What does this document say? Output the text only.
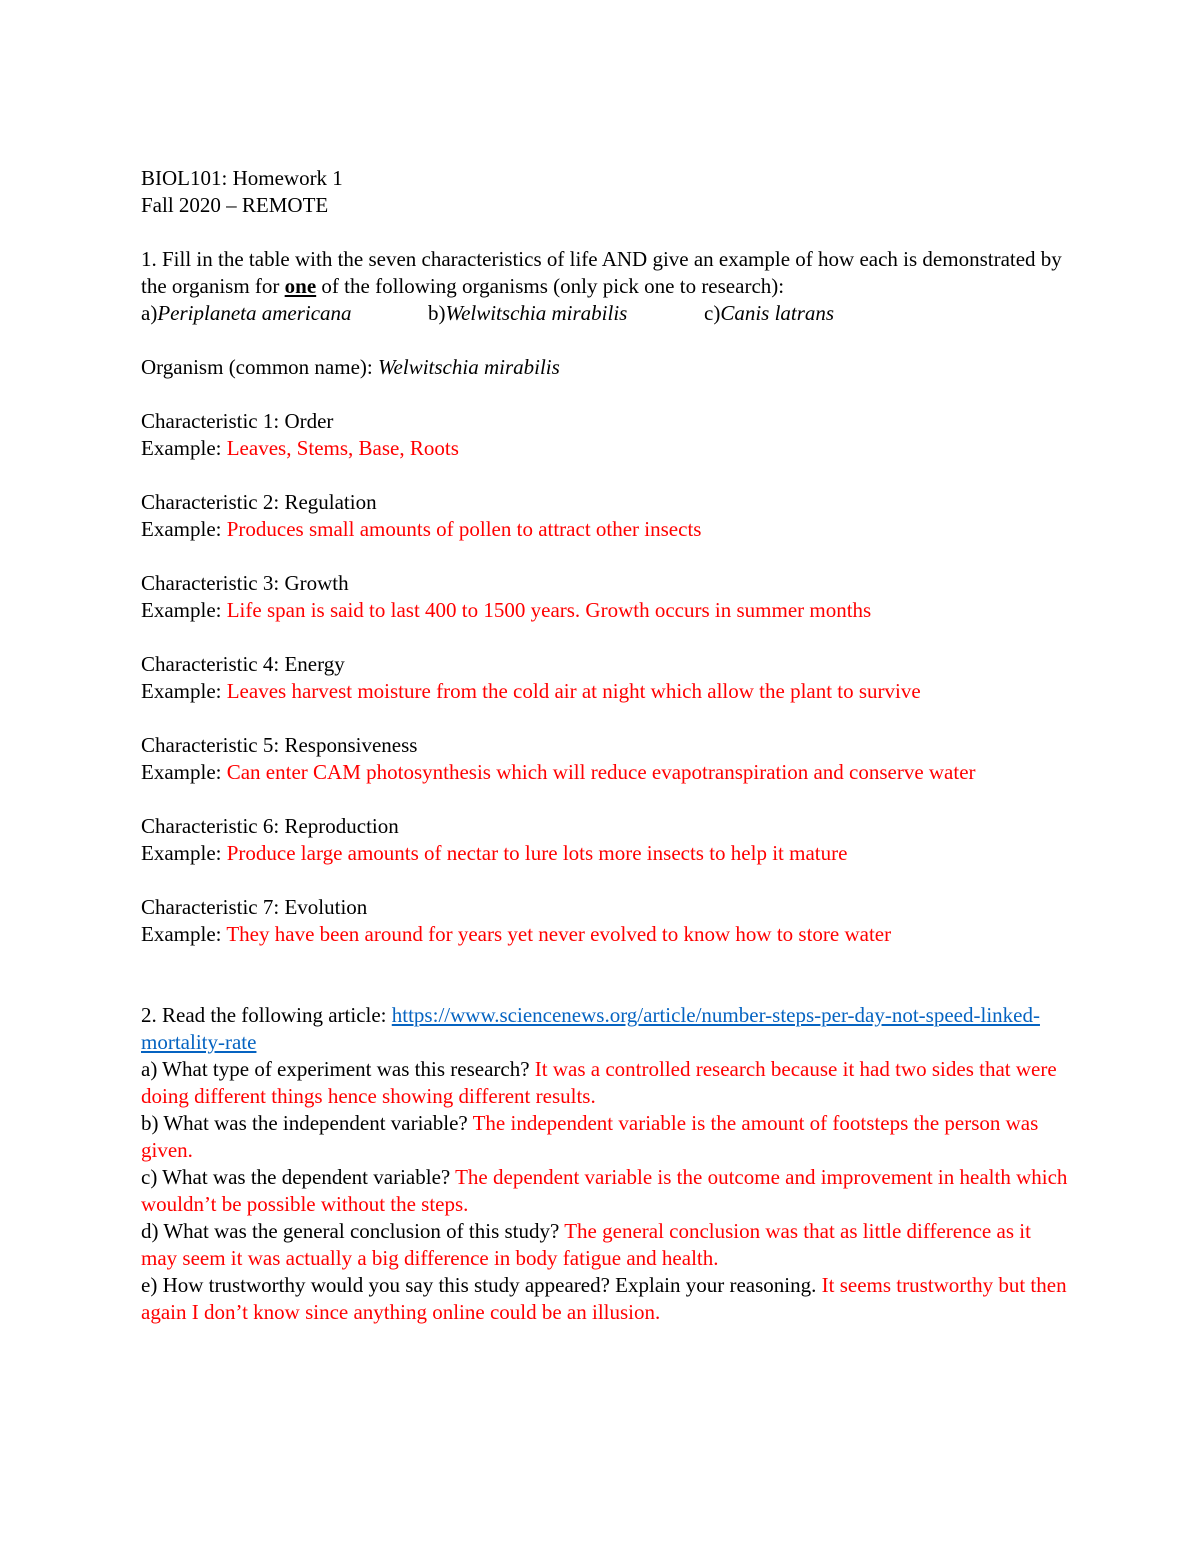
BIOL101: Homework 1
Fall 2020 – REMOTE
1. Fill in the table with the seven characteristics of life AND give an example of how each is demonstrated by the organism for one of the following organisms (only pick one to research):
a)Periplaneta americana	b)Welwitschia mirabilis	c)Canis latrans
Organism (common name): Welwitschia mirabilis
Characteristic 1: Order
Example: Leaves, Stems, Base, Roots
Characteristic 2: Regulation
Example: Produces small amounts of pollen to attract other insects
Characteristic 3: Growth
Example: Life span is said to last 400 to 1500 years. Growth occurs in summer months
Characteristic 4: Energy
Example: Leaves harvest moisture from the cold air at night which allow the plant to survive
Characteristic 5: Responsiveness
Example: Can enter CAM photosynthesis which will reduce evapotranspiration and conserve water
Characteristic 6: Reproduction
Example: Produce large amounts of nectar to lure lots more insects to help it mature
Characteristic 7: Evolution
Example: They have been around for years yet never evolved to know how to store water
2. Read the following article: https://www.sciencenews.org/article/number-steps-per-day-not-speed-linked-mortality-rate
a) What type of experiment was this research? It was a controlled research because it had two sides that were doing different things hence showing different results.
b) What was the independent variable? The independent variable is the amount of footsteps the person was given.
c) What was the dependent variable? The dependent variable is the outcome and improvement in health which wouldn’t be possible without the steps.
d) What was the general conclusion of this study? The general conclusion was that as little difference as it may seem it was actually a big difference in body fatigue and health.
e) How trustworthy would you say this study appeared? Explain your reasoning. It seems trustworthy but then again I don’t know since anything online could be an illusion.
